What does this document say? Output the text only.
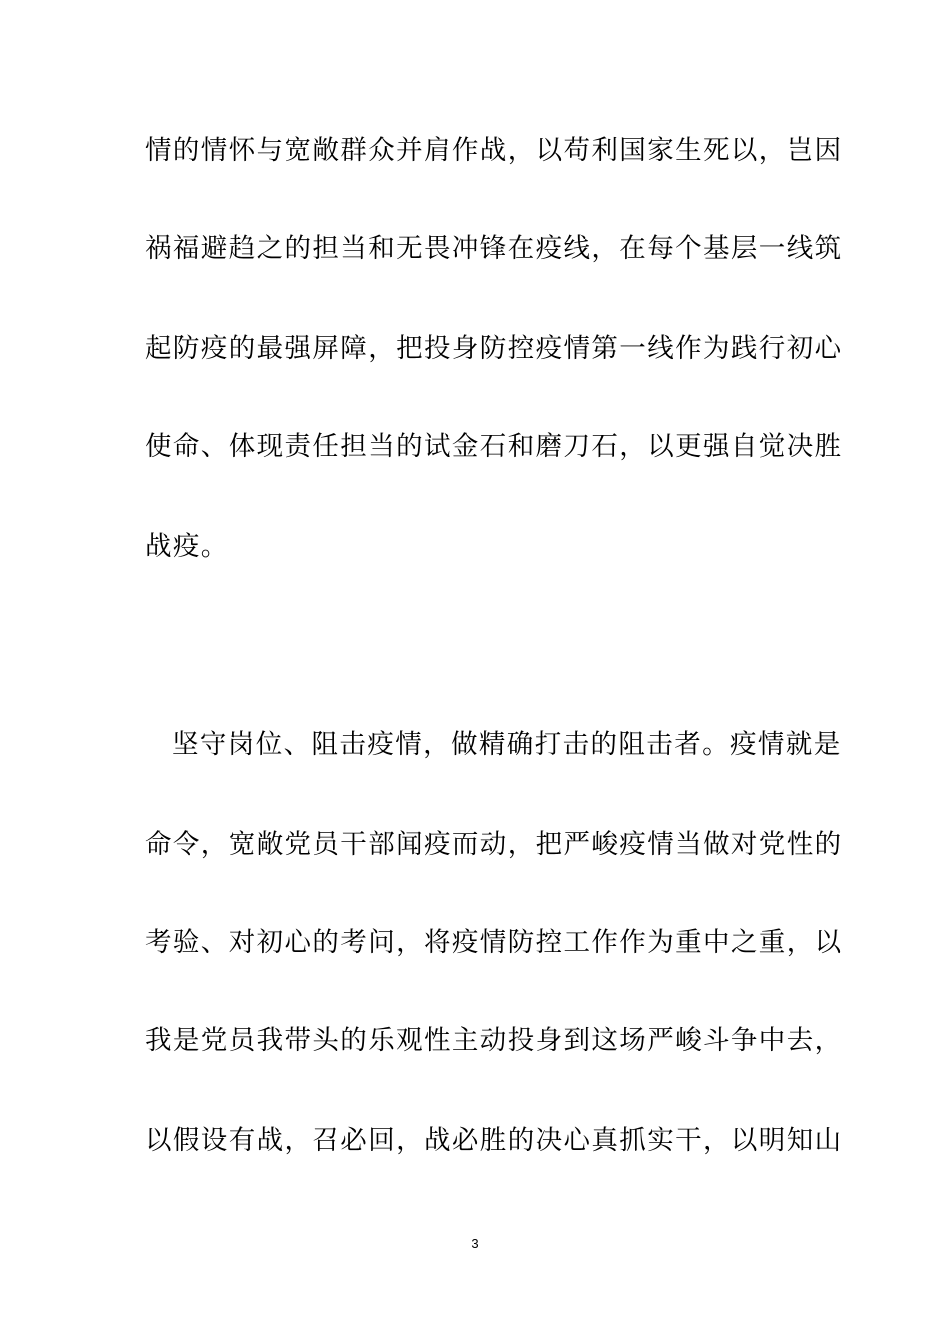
情的情怀与宽敞群众并肩作战，以苟利国家生死以，岂因
祸福避趋之的担当和无畏冲锋在疫线，在每个基层一线筑
起防疫的最强屏障，把投身防控疫情第一线作为践行初心
使命、体现责任担当的试金石和磨刀石，以更强自觉决胜
战疫。
坚守岗位、阻击疫情，做精确打击的阻击者。疫情就是
命令，宽敞党员干部闻疫而动，把严峻疫情当做对党性的
考验、对初心的考问，将疫情防控工作作为重中之重，以
我是党员我带头的乐观性主动投身到这场严峻斗争中去，
以假设有战，召必回，战必胜的决心真抓实干，以明知山
3
